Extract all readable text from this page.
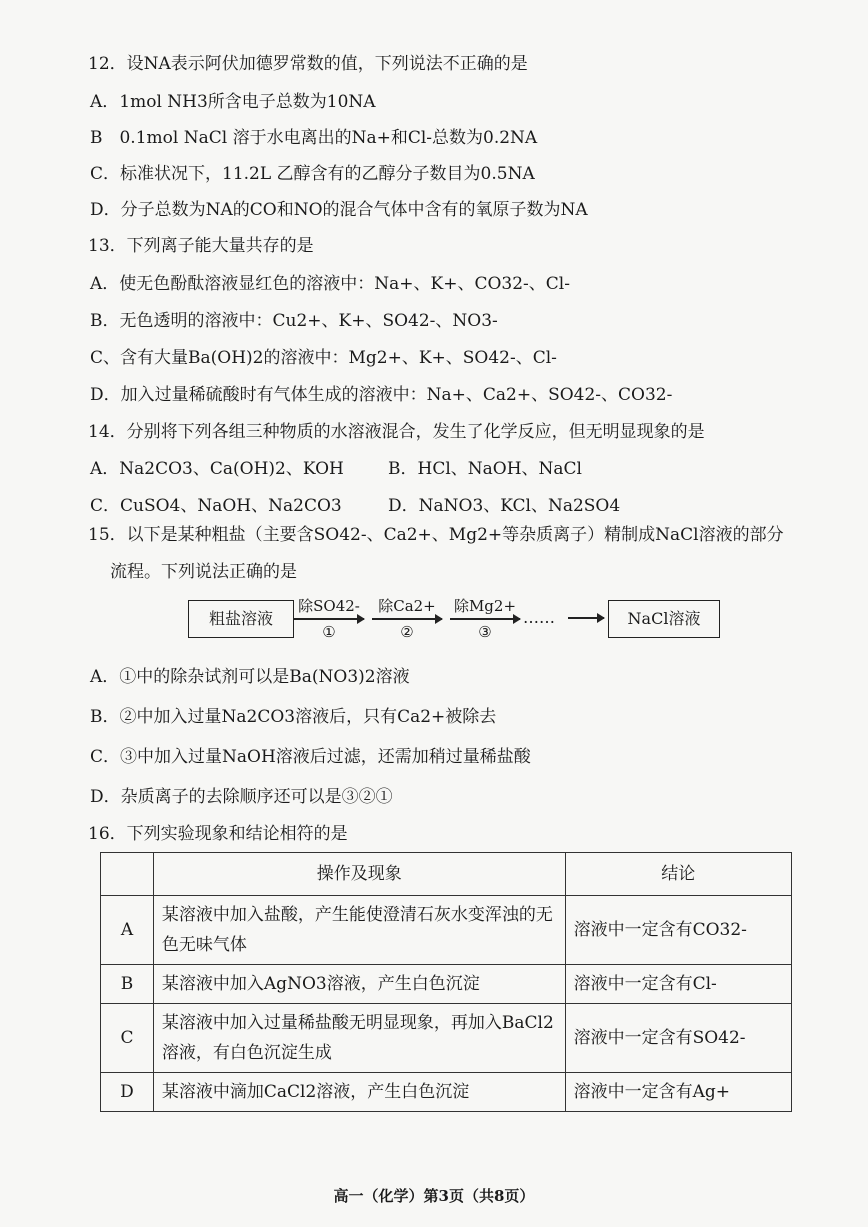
12．设NA表示阿伏加德罗常数的值，下列说法不正确的是
A．1mol NH3所含电子总数为10NA
B　0.1mol NaCl 溶于水电离出的Na+和Cl-总数为0.2NA
C．标准状况下，11.2L 乙醇含有的乙醇分子数目为0.5NA
D．分子总数为NA的CO和NO的混合气体中含有的氧原子数为NA
13．下列离子能大量共存的是
A．使无色酚酞溶液显红色的溶液中：Na+、K+、CO32-、Cl-
B．无色透明的溶液中：Cu2+、K+、SO42-、NO3-
C、含有大量Ba(OH)2的溶液中：Mg2+、K+、SO42-、Cl-
D．加入过量稀硫酸时有气体生成的溶液中：Na+、Ca2+、SO42-、CO32-
14．分别将下列各组三种物质的水溶液混合，发生了化学反应，但无明显现象的是
A．Na2CO3、Ca(OH)2、KOH	B．HCl、NaOH、NaCl
C．CuSO4、NaOH、Na2CO3	D．NaNO3、KCl、Na2SO4
15．以下是某种粗盐（主要含SO42-、Ca2+、Mg2+等杂质离子）精制成NaCl溶液的部分
流程。下列说法正确的是
粗盐溶液
除SO42-
①
除Ca2+
②
除Mg2+
③
……	NaCl溶液
A．①中的除杂试剂可以是Ba(NO3)2溶液
B．②中加入过量Na2CO3溶液后，只有Ca2+被除去
C．③中加入过量NaOH溶液后过滤，还需加稍过量稀盐酸
D．杂质离子的去除顺序还可以是③②①
16．下列实验现象和结论相符的是
	操作及现象	结论
A	某溶液中加入盐酸，产生能使澄清石灰水变浑浊的无色无味气体	溶液中一定含有CO32-
B	某溶液中加入AgNO3溶液，产生白色沉淀	溶液中一定含有Cl-
C	某溶液中加入过量稀盐酸无明显现象，再加入BaCl2溶液，有白色沉淀生成	溶液中一定含有SO42-
D	某溶液中滴加CaCl2溶液，产生白色沉淀	溶液中一定含有Ag+
高一（化学）第3页（共8页）
